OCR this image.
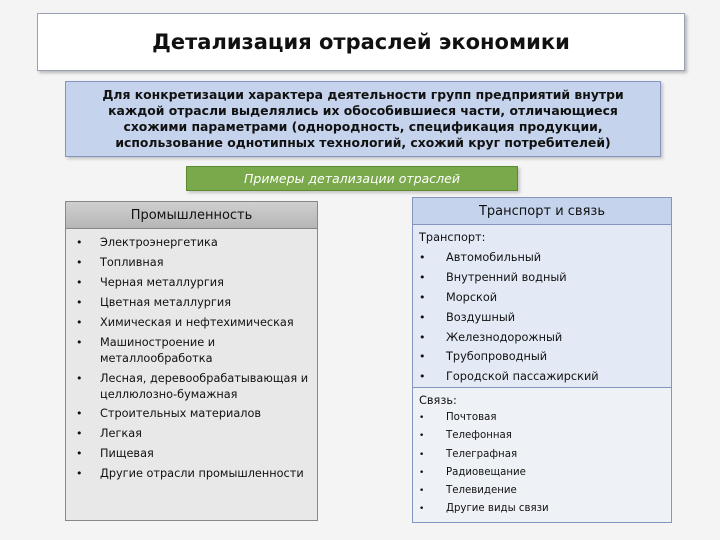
Детализация отраслей экономики
Для конкретизации характера деятельности групп предприятий внутри каждой отрасли выделялись их обособившиеся части, отличающиеся схожими параметрами (однородность, спецификация продукции, использование однотипных технологий, схожий круг потребителей)
Примеры детализации отраслей
Промышленность
• Электроэнергетика
• Топливная
• Черная металлургия
• Цветная металлургия
• Химическая и нефтехимическая
• Машиностроение и металлообработка
• Лесная, деревообрабатывающая и целлюлозно-бумажная
• Строительных материалов
• Легкая
• Пищевая
• Другие отрасли промышленности
Транспорт и связь
Транспорт:
• Автомобильный
• Внутренний водный
• Морской
• Воздушный
• Железнодорожный
• Трубопроводный
• Городской пассажирский
Связь:
• Почтовая
• Телефонная
• Телеграфная
• Радиовещание
• Телевидение
• Другие виды связи
